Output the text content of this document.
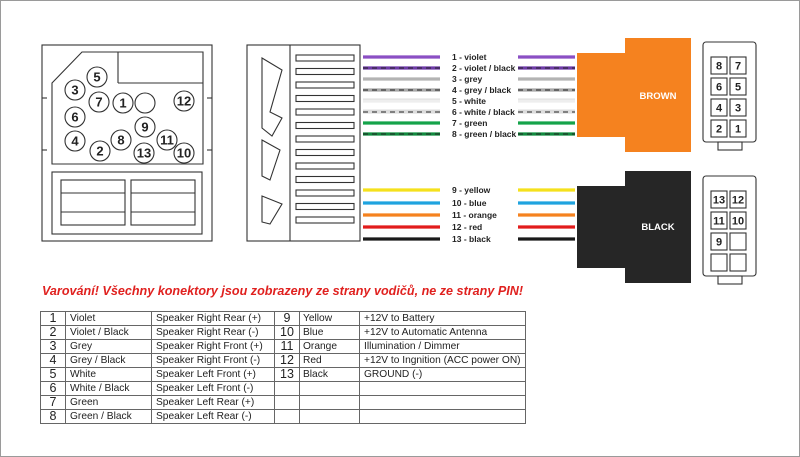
1
2
3
4
5
6
7
8
9
10
11
12
13
1 - violet
2 - violet / black
3 - grey
4 - grey / black
5 - white
6 - white / black
7 - green
8 - green / black
9 - yellow
10 - blue
11 - orange
12 - red
13 - black
BROWN
BLACK
8 7
6 5
4 3
2 1
13 12
11 10
9
Varování! Všechny konektory jsou zobrazeny ze strany vodičů, ne ze strany PIN!
1	Violet	Speaker Right Rear (+)	9	Yellow	+12V to Battery
2	Violet / Black	Speaker Right Rear (-)	10	Blue	+12V to Automatic Antenna
3	Grey	Speaker Right Front (+)	11	Orange	Illumination / Dimmer
4	Grey / Black	Speaker Right Front (-)	12	Red	+12V to Ingnition (ACC power ON)
5	White	Speaker Left Front (+)	13	Black	GROUND (-)
6	White / Black	Speaker Left Front (-)			
7	Green	Speaker Left Rear (+)			
8	Green / Black	Speaker Left Rear (-)			
